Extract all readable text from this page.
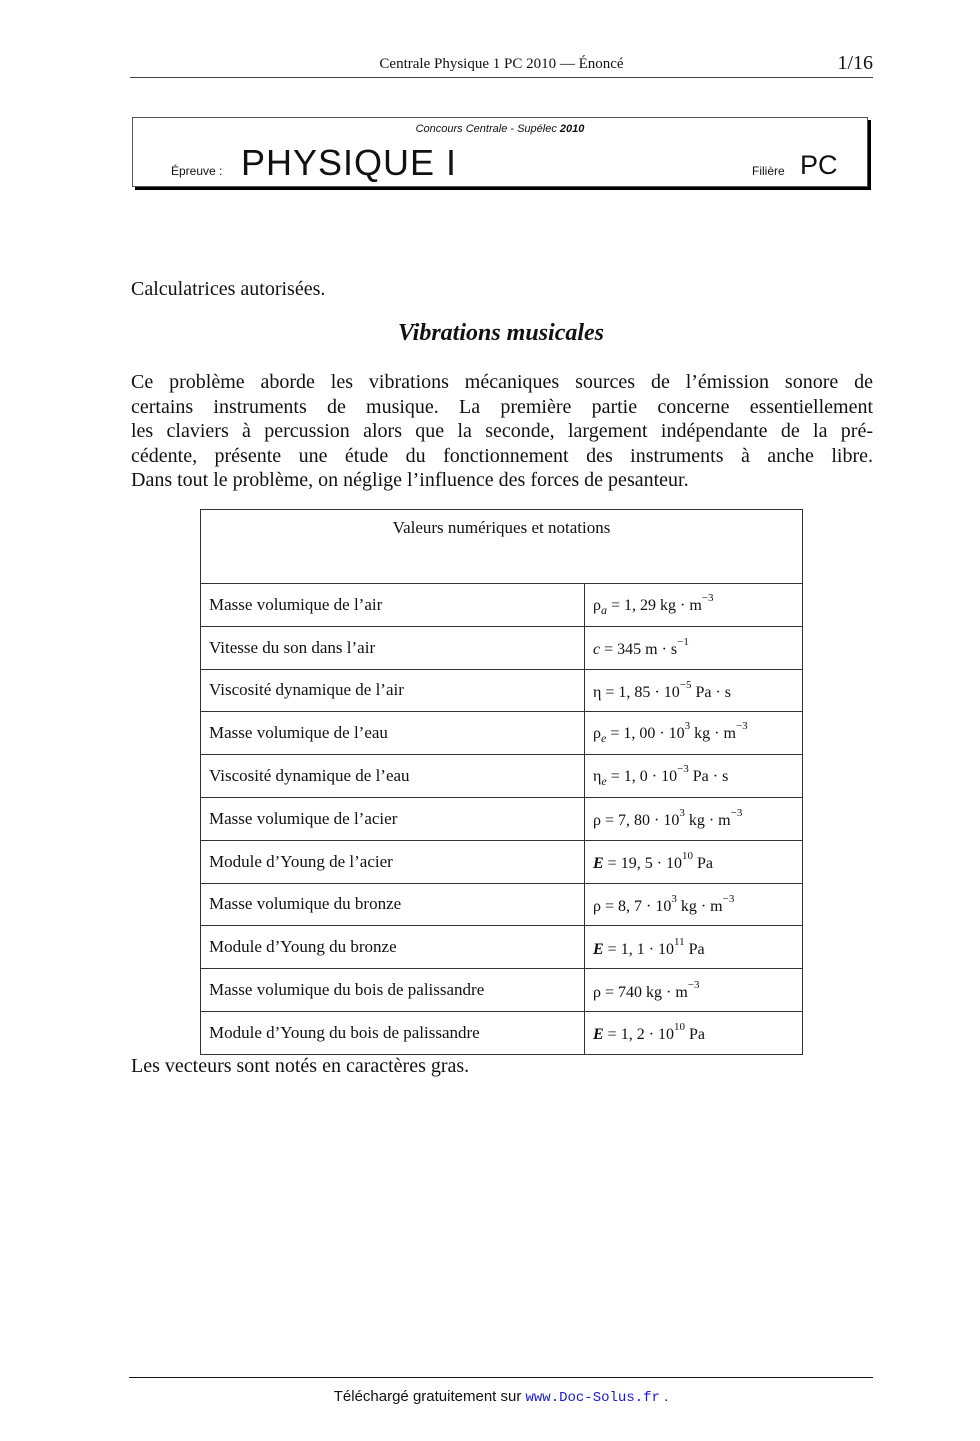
Centrale Physique 1 PC 2010 — Énoncé	1/16
Concours Centrale - Supélec 2010
Épreuve : PHYSIQUE I	Filière PC
Calculatrices autorisées.
Vibrations musicales
Ce problème aborde les vibrations mécaniques sources de l’émission sonore de
certains instruments de musique. La première partie concerne essentiellement
les claviers à percussion alors que la seconde, largement indépendante de la pré-
cédente, présente une étude du fonctionnement des instruments à anche libre.
Dans tout le problème, on néglige l’influence des forces de pesanteur.
Valeurs numériques et notations	
Masse volumique de l’air	$\rho_a = 1$, 29 kg · $m^{-3}$
Vitesse du son dans l’air	c = 345 $m \cdot s^{-1}$
Viscosité dynamique de l’air	η = 1, $85 \cdot 10^{-5}$ Pa · s
Masse volumique de l’eau	$\rho_e = 1$, $00 \cdot 10^3$ kg · $m^{-3}$
Viscosité dynamique de l’eau	$\eta_e = 1$, $0 \cdot 10^{-3}$ Pa · s
Masse volumique de l’acier	ρ = 7, $80 \cdot 10^3$ kg · $m^{-3}$
Module d’Young de l’acier	E = 19, $5 \cdot 10^{10}$ Pa
Masse volumique du bronze	ρ = 8, $7 \cdot 10^3$ kg · $m^{-3}$
Module d’Young du bronze	E = 1, $1 \cdot 10^{11}$ Pa
Masse volumique du bois de palissandre	ρ = 740 kg · $m^{-3}$
Module d’Young du bois de palissandre	E = 1, $2 \cdot 10^{10}$ Pa
Les vecteurs sont notés en caractères gras.
Téléchargé gratuitement sur www.Doc-Solus.fr .
